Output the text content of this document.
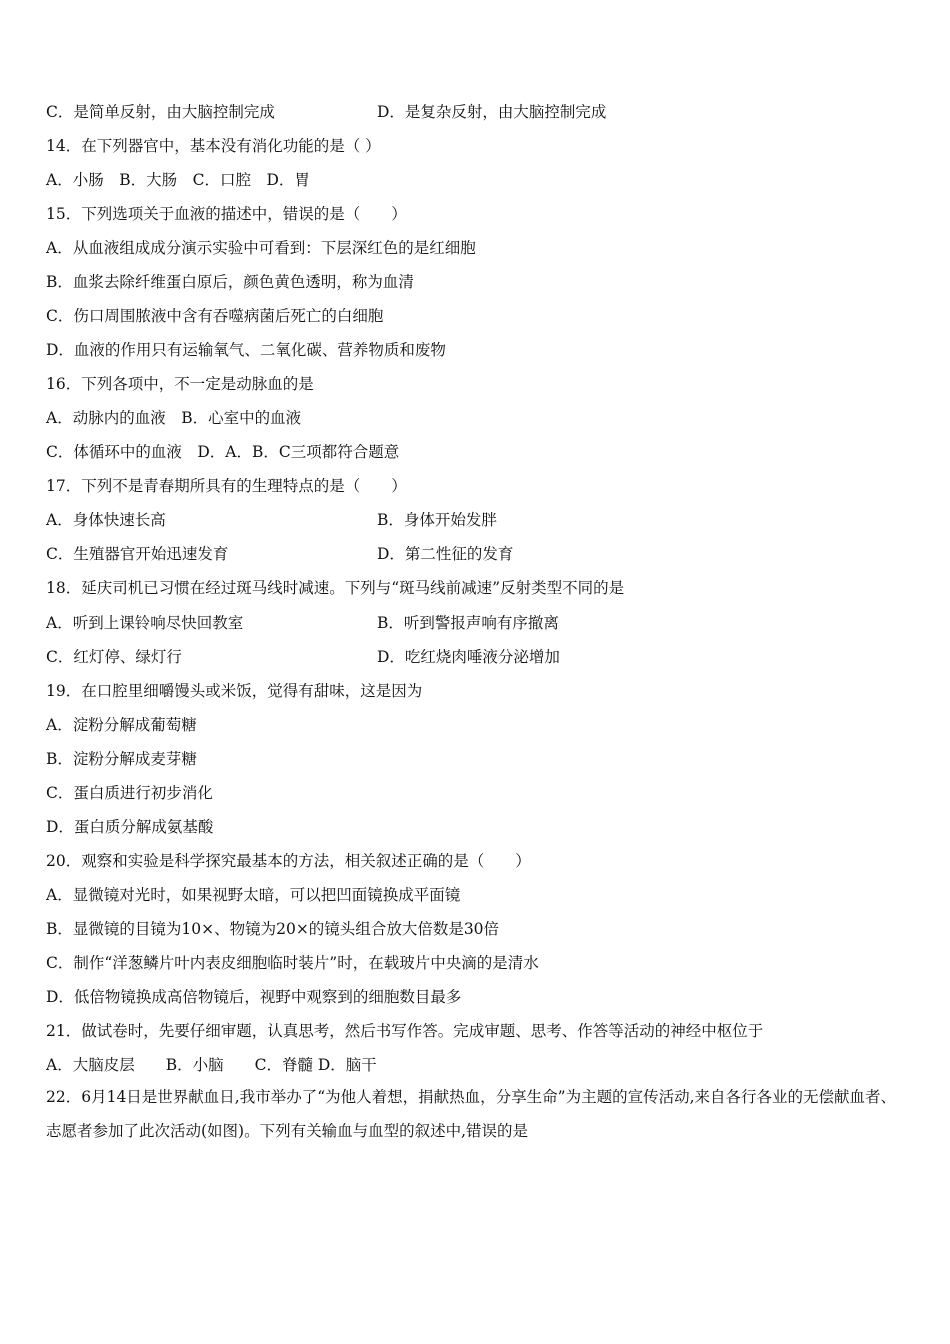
C．是简单反射，由大脑控制完成	D．是复杂反射，由大脑控制完成
14．在下列器官中，基本没有消化功能的是（ ）
A．小肠　B．大肠　C．口腔　D．胃
15．下列选项关于血液的描述中，错误的是（　　）
A．从血液组成成分演示实验中可看到：下层深红色的是红细胞
B．血浆去除纤维蛋白原后，颜色黄色透明，称为血清
C．伤口周围脓液中含有吞噬病菌后死亡的白细胞
D．血液的作用只有运输氧气、二氧化碳、营养物质和废物
16．下列各项中，不一定是动脉血的是
A．动脉内的血液　B．心室中的血液
C．体循环中的血液　D．A．B．C三项都符合题意
17．下列不是青春期所具有的生理特点的是（　　）
A．身体快速长高	B．身体开始发胖
C．生殖器官开始迅速发育	D．第二性征的发育
18．延庆司机已习惯在经过斑马线时减速。下列与“斑马线前减速”反射类型不同的是
A．听到上课铃响尽快回教室	B．听到警报声响有序撤离
C．红灯停、绿灯行	D．吃红烧肉唾液分泌增加
19．在口腔里细嚼馒头或米饭，觉得有甜味，这是因为
A．淀粉分解成葡萄糖
B．淀粉分解成麦芽糖
C．蛋白质进行初步消化
D．蛋白质分解成氨基酸
20．观察和实验是科学探究最基本的方法，相关叙述正确的是（　　）
A．显微镜对光时，如果视野太暗，可以把凹面镜换成平面镜
B．显微镜的目镜为10×、物镜为20×的镜头组合放大倍数是30倍
C．制作“洋葱鳞片叶内表皮细胞临时装片”时，在载玻片中央滴的是清水
D．低倍物镜换成高倍物镜后，视野中观察到的细胞数目最多
21．做试卷时，先要仔细审题，认真思考，然后书写作答。完成审题、思考、作答等活动的神经中枢位于
A．大脑皮层　　B．小脑　　C．脊髓 D．脑干
22．6月14日是世界献血日,我市举办了“为他人着想，捐献热血，分享生命”为主题的宣传活动,来自各行各业的无偿献血者、志愿者参加了此次活动(如图)。下列有关输血与血型的叙述中,错误的是
